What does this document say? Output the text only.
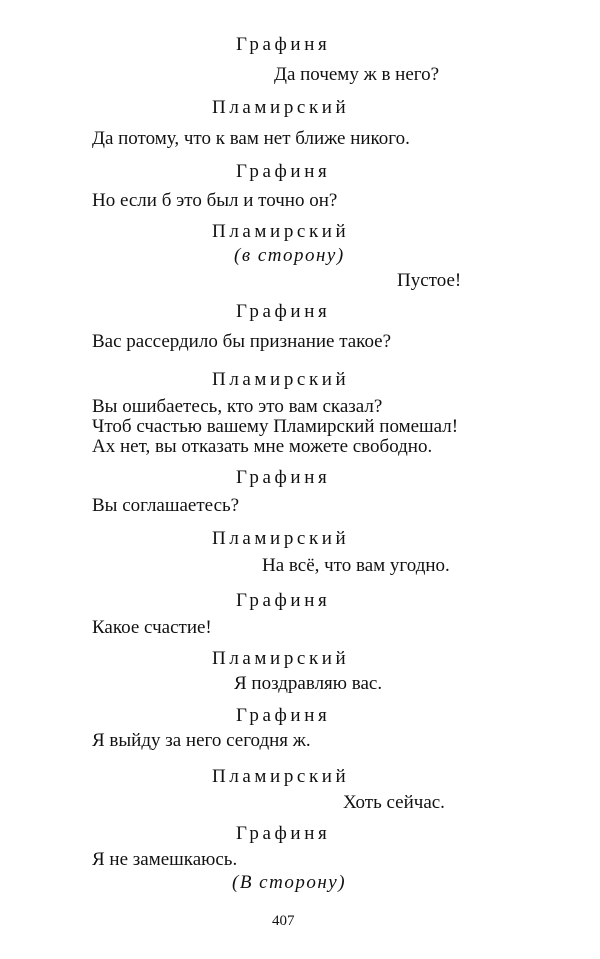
Графиня
Да почему ж в него?
Пламирский
Да потому, что к вам нет ближе никого.
Графиня
Но если б это был и точно он?
Пламирский
(в сторону)
Пустое!
Графиня
Вас рассердило бы признание такое?
Пламирский
Вы ошибаетесь, кто это вам сказал?
Чтоб счастью вашему Пламирский помешал!
Ах нет, вы отказать мне можете свободно.
Графиня
Вы соглашаетесь?
Пламирский
На всё, что вам угодно.
Графиня
Какое счастие!
Пламирский
Я поздравляю вас.
Графиня
Я выйду за него сегодня ж.
Пламирский
Хоть сейчас.
Графиня
Я не замешкаюсь.
(В сторону)
407
